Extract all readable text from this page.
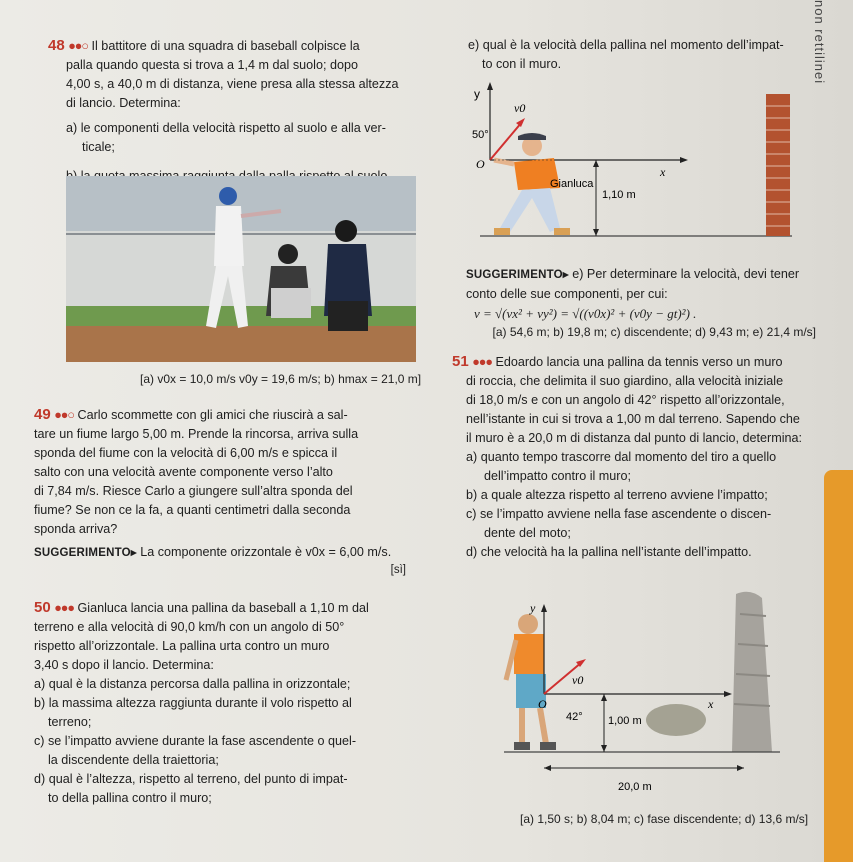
non rettilinei

48 ●●○ Il battitore di una squadra di baseball colpisce la

palla quando questa si trova a 1,4 m dal suolo; dopo

4,00 s, a 40,0 m di distanza, viene presa alla stessa altezza

di lancio. Determina:

a) le componenti della velocità rispetto al suolo e alla ver-

ticale;

e) qual è la velocità della pallina nel momento dell’impat-

to con il muro.

[a) v0x = 10,0 m/s v0y = 19,6 m/s; b) hmax = 21,0 m]

49 ●●○ Carlo scommette con gli amici che riuscirà a sal-

tare un fiume largo 5,00 m. Prende la rincorsa, arriva sulla

sponda del fiume con la velocità di 6,00 m/s e spicca il

salto con una velocità avente componente verso l’alto

di 7,84 m/s. Riesce Carlo a giungere sull’altra sponda del

fiume? Se non ce la fa, a quanti centimetri dalla seconda

sponda arriva?

SUGGERIMENTO▸ La componente orizzontale è v0x = 6,00 m/s.

[sì]

50 ●●● Gianluca lancia una pallina da baseball a 1,10 m dal

terreno e alla velocità di 90,0 km/h con un angolo di 50°

rispetto all’orizzontale. La pallina urta contro un muro

3,40 s dopo il lancio. Determina:

a) qual è la distanza percorsa dalla pallina in orizzontale;

b) la massima altezza raggiunta durante il volo rispetto al

terreno;

c) se l’impatto avviene durante la fase ascendente o quel-

la discendente della traiettoria;

d) qual è l’altezza, rispetto al terreno, del punto di impat-

to della pallina contro il muro;

y
v0
50°
O
x
Gianluca
1,10 m

SUGGERIMENTO▸ e) Per determinare la velocità, devi tener

conto delle sue componenti, per cui:

v = √(vx² + vy²) = √((v0x)² + (v0y − gt)²) .

[a) 54,6 m; b) 19,8 m; c) discendente; d) 9,43 m; e) 21,4 m/s]

51 ●●● Edoardo lancia una pallina da tennis verso un muro

di roccia, che delimita il suo giardino, alla velocità iniziale

di 18,0 m/s e con un angolo di 42° rispetto all’orizzontale,

nell’istante in cui si trova a 1,00 m dal terreno. Sapendo che

il muro è a 20,0 m di distanza dal punto di lancio, determina:

a) quanto tempo trascorre dal momento del tiro a quello

dell’impatto contro il muro;

b) a quale altezza rispetto al terreno avviene l’impatto;

c) se l’impatto avviene nella fase ascendente o discen-

dente del moto;

d) che velocità ha la pallina nell’istante dell’impatto.

y
v0
O	x
42° 1,00 m
20,0 m
[a) 1,50 s; b) 8,04 m; c) fase discendente; d) 13,6 m/s]
